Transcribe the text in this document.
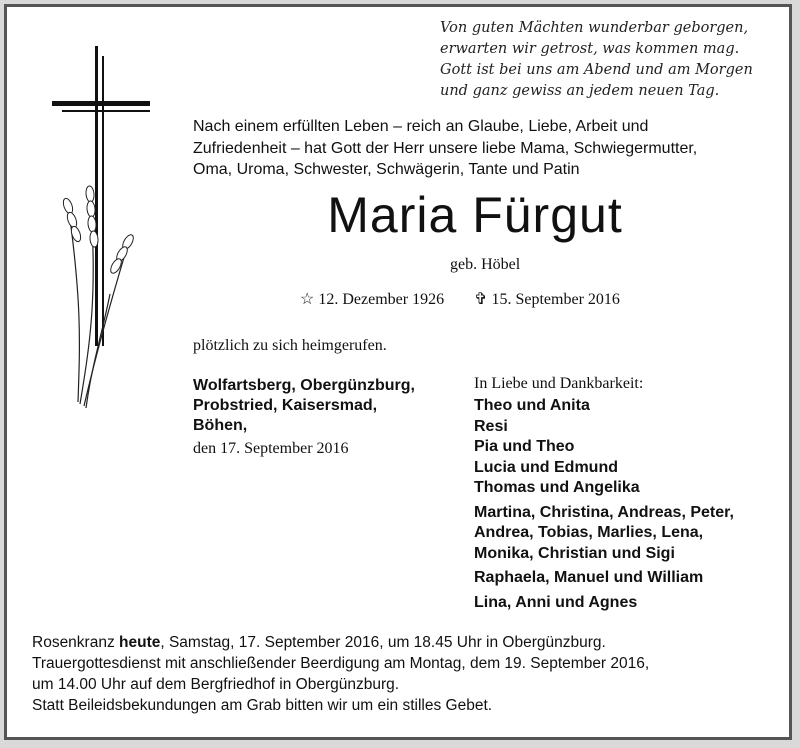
Von guten Mächten wunderbar geborgen,
erwarten wir getrost, was kommen mag.
Gott ist bei uns am Abend und am Morgen
und ganz gewiss an jedem neuen Tag.
Nach einem erfüllten Leben – reich an Glaube, Liebe, Arbeit und
Zufriedenheit – hat Gott der Herr unsere liebe Mama, Schwiegermutter,
Oma, Uroma, Schwester, Schwägerin, Tante und Patin
Maria Fürgut
geb. Höbel
☆ 12. Dezember 1926 ✞ 15. September 2016
plötzlich zu sich heimgerufen.
Wolfartsberg, Obergünzburg,
Probstried, Kaisersmad,
Böhen,
den 17. September 2016
In Liebe und Dankbarkeit:
Theo und Anita
Resi
Pia und Theo
Lucia und Edmund
Thomas und Angelika
Martina, Christina, Andreas, Peter,
Andrea, Tobias, Marlies, Lena,
Monika, Christian und Sigi
Raphaela, Manuel und William
Lina, Anni und Agnes
Rosenkranz heute, Samstag, 17. September 2016, um 18.45 Uhr in Obergünzburg.
Trauergottesdienst mit anschließender Beerdigung am Montag, dem 19. September 2016,
um 14.00 Uhr auf dem Bergfriedhof in Obergünzburg.
Statt Beileidsbekundungen am Grab bitten wir um ein stilles Gebet.
